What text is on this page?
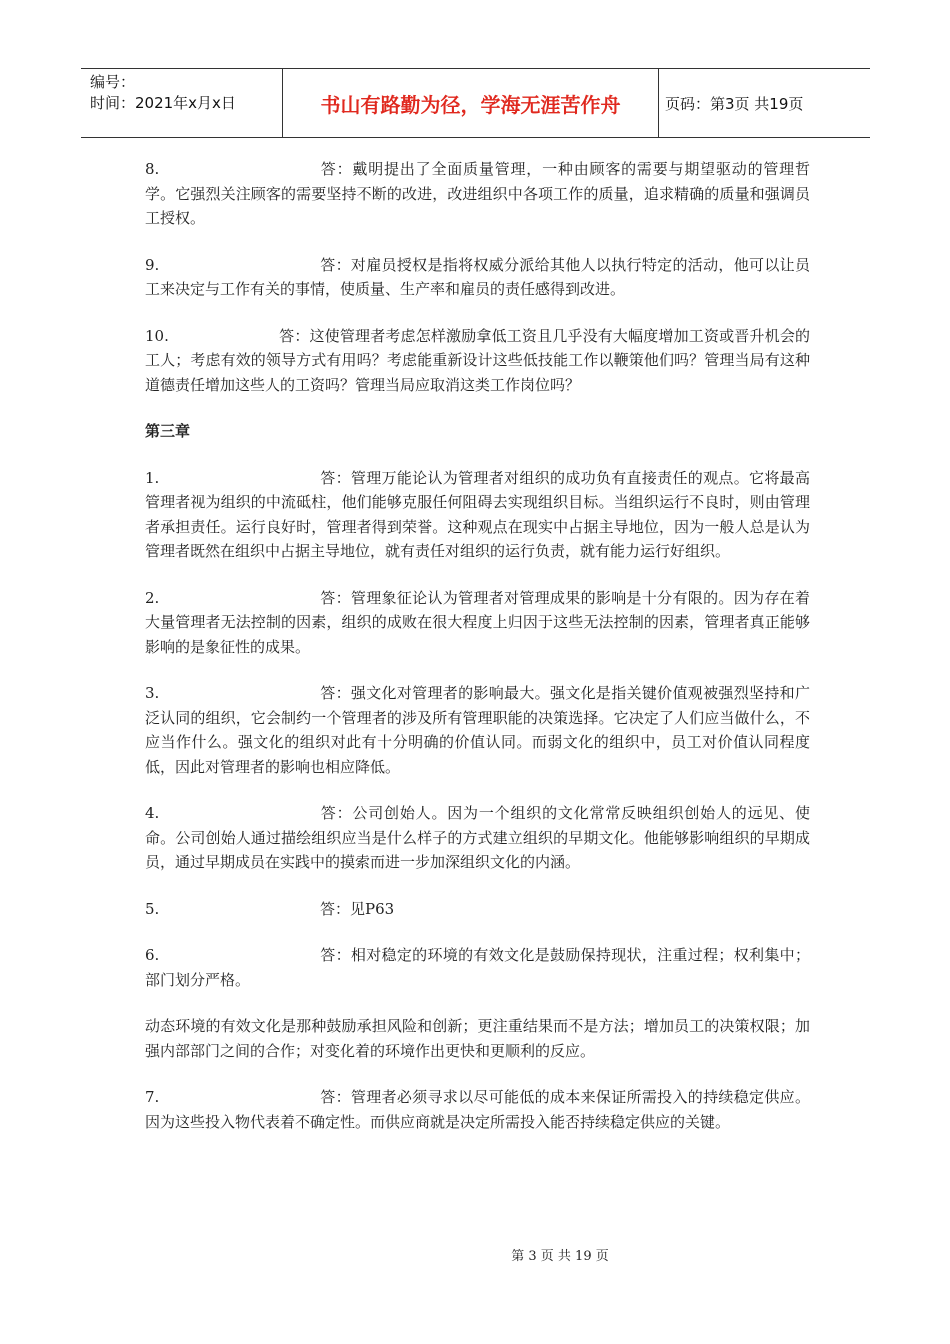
编号：
时间：2021年x月x日	书山有路勤为径，学海无涯苦作舟	页码：第3页 共19页

8.	答：戴明提出了全面质量管理，一种由顾客的需要与期望驱动的管理哲学。它强烈关注顾客的需要坚持不断的改进，改进组织中各项工作的质量，追求精确的质量和强调员工授权。

9.	答：对雇员授权是指将权威分派给其他人以执行特定的活动，他可以让员工来决定与工作有关的事情，使质量、生产率和雇员的责任感得到改进。

10.	答：这使管理者考虑怎样激励拿低工资且几乎没有大幅度增加工资或晋升机会的工人；考虑有效的领导方式有用吗？考虑能重新设计这些低技能工作以鞭策他们吗？管理当局有这种道德责任增加这些人的工资吗？管理当局应取消这类工作岗位吗？

第三章

1.	答：管理万能论认为管理者对组织的成功负有直接责任的观点。它将最高管理者视为组织的中流砥柱，他们能够克服任何阻碍去实现组织目标。当组织运行不良时，则由管理者承担责任。运行良好时，管理者得到荣誉。这种观点在现实中占据主导地位，因为一般人总是认为管理者既然在组织中占据主导地位，就有责任对组织的运行负责，就有能力运行好组织。

2.	答：管理象征论认为管理者对管理成果的影响是十分有限的。因为存在着大量管理者无法控制的因素，组织的成败在很大程度上归因于这些无法控制的因素，管理者真正能够影响的是象征性的成果。

3.	答：强文化对管理者的影响最大。强文化是指关键价值观被强烈坚持和广泛认同的组织，它会制约一个管理者的涉及所有管理职能的决策选择。它决定了人们应当做什么，不应当作什么。强文化的组织对此有十分明确的价值认同。而弱文化的组织中，员工对价值认同程度低，因此对管理者的影响也相应降低。

4.	答：公司创始人。因为一个组织的文化常常反映组织创始人的远见、使命。公司创始人通过描绘组织应当是什么样子的方式建立组织的早期文化。他能够影响组织的早期成员，通过早期成员在实践中的摸索而进一步加深组织文化的内涵。

5.	答：见P63

6.	答：相对稳定的环境的有效文化是鼓励保持现状，注重过程；权利集中；部门划分严格。

动态环境的有效文化是那种鼓励承担风险和创新；更注重结果而不是方法；增加员工的决策权限；加强内部部门之间的合作；对变化着的环境作出更快和更顺利的反应。

7.	答：管理者必须寻求以尽可能低的成本来保证所需投入的持续稳定供应。因为这些投入物代表着不确定性。而供应商就是决定所需投入能否持续稳定供应的关键。

第 3 页 共 19 页
